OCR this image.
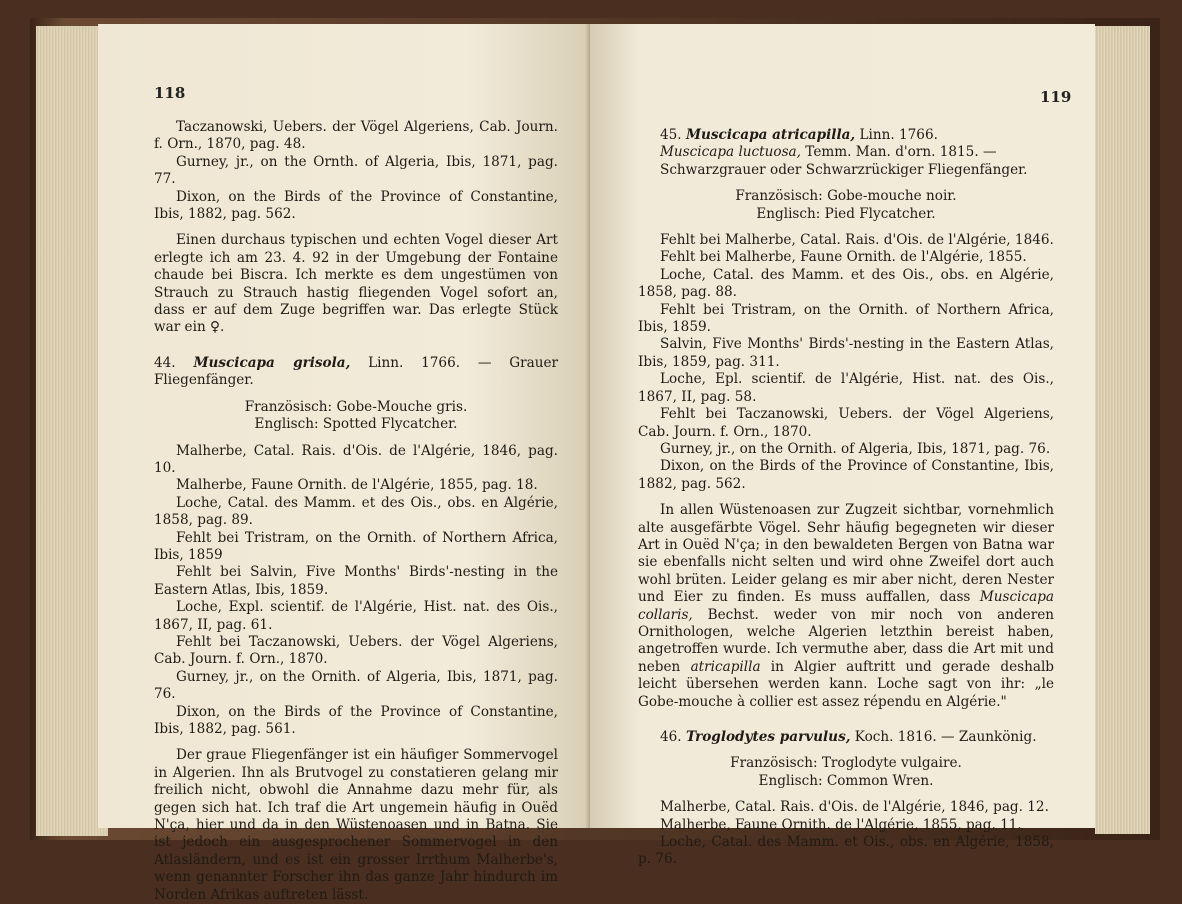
118

Taczanowski, Uebers. der Vögel Algeriens, Cab. Journ. f. Orn., 1870, pag. 48.

Gurney, jr., on the Ornth. of Algeria, Ibis, 1871, pag. 77.

Dixon, on the Birds of the Province of Constantine, Ibis, 1882, pag. 562.

Einen durchaus typischen und echten Vogel dieser Art erlegte ich am 23. 4. 92 in der Umgebung der Fontaine chaude bei Biscra. Ich merkte es dem ungestümen von Strauch zu Strauch hastig fliegenden Vogel sofort an, dass er auf dem Zuge begriffen war. Das erlegte Stück war ein ♀.

44. Muscicapa grisola, Linn. 1766. — Grauer Fliegenfänger.

Französisch: Gobe-Mouche gris.

Englisch: Spotted Flycatcher.

Malherbe, Catal. Rais. d'Ois. de l'Algérie, 1846, pag. 10.

Malherbe, Faune Ornith. de l'Algérie, 1855, pag. 18.

Loche, Catal. des Mamm. et des Ois., obs. en Algérie, 1858, pag. 89.

Fehlt bei Tristram, on the Ornith. of Northern Africa, Ibis, 1859

Fehlt bei Salvin, Five Months' Birds'-nesting in the Eastern Atlas, Ibis, 1859.

Loche, Expl. scientif. de l'Algérie, Hist. nat. des Ois., 1867, II, pag. 61.

Fehlt bei Taczanowski, Uebers. der Vögel Algeriens, Cab. Journ. f. Orn., 1870.

Gurney, jr., on the Ornith. of Algeria, Ibis, 1871, pag. 76.

Dixon, on the Birds of the Province of Constantine, Ibis, 1882, pag. 561.

Der graue Fliegenfänger ist ein häufiger Sommervogel in Algerien. Ihn als Brutvogel zu constatieren gelang mir freilich nicht, obwohl die Annahme dazu mehr für, als gegen sich hat. Ich traf die Art ungemein häufig in Ouëd N'ça, hier und da in den Wüstenoasen und in Batna. Sie ist jedoch ein ausgesprochener Sommervogel in den Atlasländern, und es ist ein grosser Irrthum Malherbe's, wenn genannter Forscher ihn das ganze Jahr hindurch im Norden Afrikas auftreten lässt.

119

45. Muscicapa atricapilla, Linn. 1766.

Muscicapa luctuosa, Temm. Man. d'orn. 1815. —

Schwarzgrauer oder Schwarzrückiger Fliegenfänger.

Französisch: Gobe-mouche noir.

Englisch: Pied Flycatcher.

Fehlt bei Malherbe, Catal. Rais. d'Ois. de l'Algérie, 1846.

Fehlt bei Malherbe, Faune Ornith. de l'Algérie, 1855.

Loche, Catal. des Mamm. et des Ois., obs. en Algérie, 1858, pag. 88.

Fehlt bei Tristram, on the Ornith. of Northern Africa, Ibis, 1859.

Salvin, Five Months' Birds'-nesting in the Eastern Atlas, Ibis, 1859, pag. 311.

Loche, Epl. scientif. de l'Algérie, Hist. nat. des Ois., 1867, II, pag. 58.

Fehlt bei Taczanowski, Uebers. der Vögel Algeriens, Cab. Journ. f. Orn., 1870.

Gurney, jr., on the Ornith. of Algeria, Ibis, 1871, pag. 76.

Dixon, on the Birds of the Province of Constantine, Ibis, 1882, pag. 562.

In allen Wüstenoasen zur Zugzeit sichtbar, vornehmlich alte ausgefärbte Vögel. Sehr häufig begegneten wir dieser Art in Ouëd N'ça; in den bewaldeten Bergen von Batna war sie ebenfalls nicht selten und wird ohne Zweifel dort auch wohl brüten. Leider gelang es mir aber nicht, deren Nester und Eier zu finden. Es muss auffallen, dass Muscicapa collaris, Bechst. weder von mir noch von anderen Ornithologen, welche Algerien letzthin bereist haben, angetroffen wurde. Ich vermuthe aber, dass die Art mit und neben atricapilla in Algier auftritt und gerade deshalb leicht übersehen werden kann. Loche sagt von ihr: „le Gobe-mouche à collier est assez répendu en Algérie."

46. Troglodytes parvulus, Koch. 1816. — Zaunkönig.

Französisch: Troglodyte vulgaire.

Englisch: Common Wren.

Malherbe, Catal. Rais. d'Ois. de l'Algérie, 1846, pag. 12.

Malherbe, Faune Ornith. de l'Algérie, 1855, pag. 11.

Loche, Catal. des Mamm. et Ois., obs. en Algérie, 1858, p. 76.
